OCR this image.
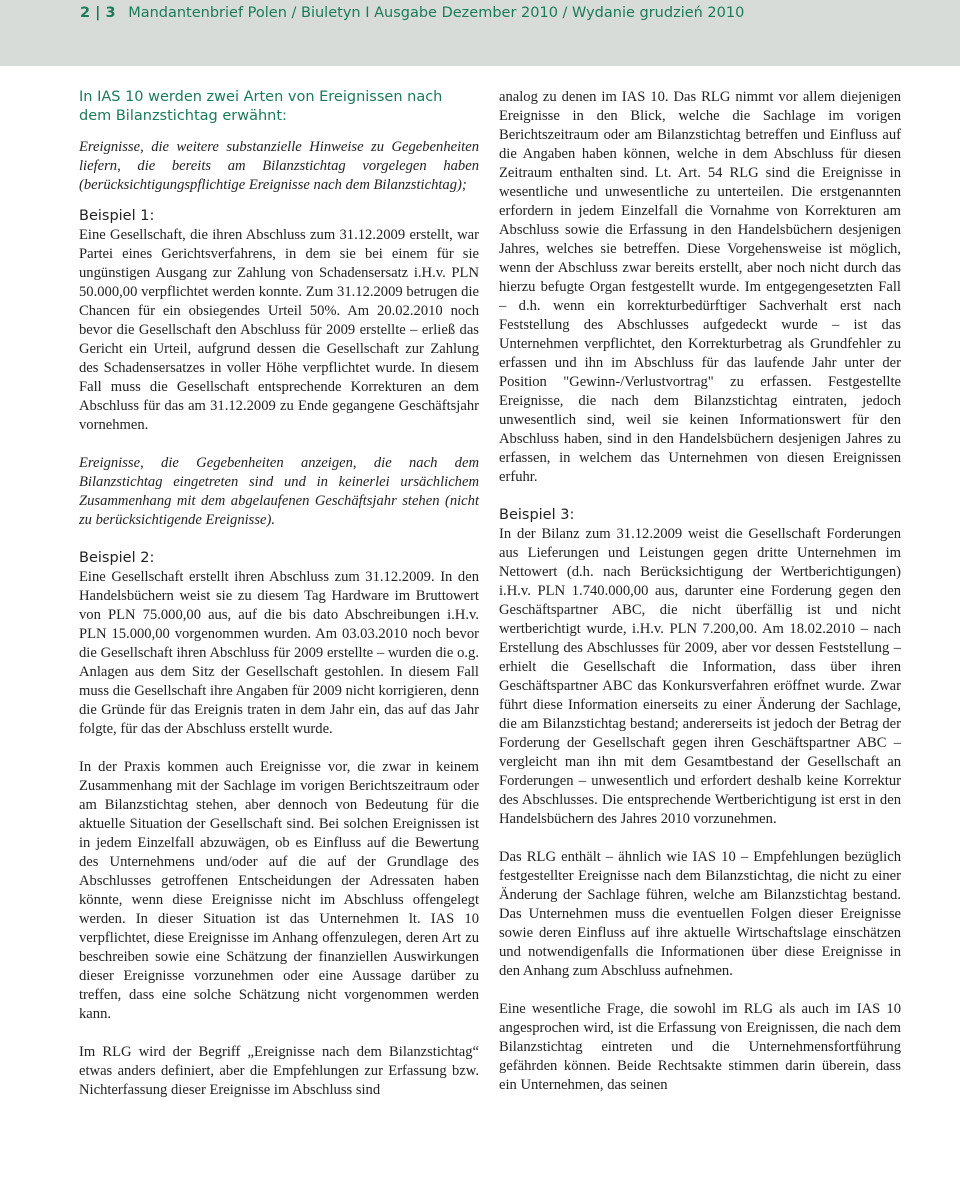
2 | 3 Mandantenbrief Polen / Biuletyn I Ausgabe Dezember 2010 / Wydanie grudzień 2010

In IAS 10 werden zwei Arten von Ereignissen nach dem Bilanzstichtag erwähnt:

Ereignisse, die weitere substanzielle Hinweise zu Gegebenheiten liefern, die bereits am Bilanzstichtag vorgelegen haben (berücksichtigungspflichtige Ereignisse nach dem Bilanzstichtag);

Beispiel 1:

Eine Gesellschaft, die ihren Abschluss zum 31.12.2009 erstellt, war Partei eines Gerichtsverfahrens, in dem sie bei einem für sie ungünstigen Ausgang zur Zahlung von Schadensersatz i.H.v. PLN 50.000,00 verpflichtet werden konnte. Zum 31.12.2009 betrugen die Chancen für ein obsiegendes Urteil 50%. Am 20.02.2010 noch bevor die Gesellschaft den Abschluss für 2009 erstellte – erließ das Gericht ein Urteil, aufgrund dessen die Gesellschaft zur Zahlung des Schadensersatzes in voller Höhe verpflichtet wurde. In diesem Fall muss die Gesellschaft entsprechende Korrekturen an dem Abschluss für das am 31.12.2009 zu Ende gegangene Geschäftsjahr vornehmen.

Ereignisse, die Gegebenheiten anzeigen, die nach dem Bilanzstichtag eingetreten sind und in keinerlei ursächlichem Zusammenhang mit dem abgelaufenen Geschäftsjahr stehen (nicht zu berücksichtigende Ereignisse).

Beispiel 2:

Eine Gesellschaft erstellt ihren Abschluss zum 31.12.2009. In den Handelsbüchern weist sie zu diesem Tag Hardware im Bruttowert von PLN 75.000,00 aus, auf die bis dato Abschreibungen i.H.v. PLN 15.000,00 vorgenommen wurden. Am 03.03.2010 noch bevor die Gesellschaft ihren Abschluss für 2009 erstellte – wurden die o.g. Anlagen aus dem Sitz der Gesellschaft gestohlen. In diesem Fall muss die Gesellschaft ihre Angaben für 2009 nicht korrigieren, denn die Gründe für das Ereignis traten in dem Jahr ein, das auf das Jahr folgte, für das der Abschluss erstellt wurde.

In der Praxis kommen auch Ereignisse vor, die zwar in keinem Zusammenhang mit der Sachlage im vorigen Berichtszeitraum oder am Bilanzstichtag stehen, aber dennoch von Bedeutung für die aktuelle Situation der Gesellschaft sind. Bei solchen Ereignissen ist in jedem Einzelfall abzuwägen, ob es Einfluss auf die Bewertung des Unternehmens und/oder auf die auf der Grundlage des Abschlusses getroffenen Entscheidungen der Adressaten haben könnte, wenn diese Ereignisse nicht im Abschluss offengelegt werden. In dieser Situation ist das Unternehmen lt. IAS 10 verpflichtet, diese Ereignisse im Anhang offenzulegen, deren Art zu beschreiben sowie eine Schätzung der finanziellen Auswirkungen dieser Ereignisse vorzunehmen oder eine Aussage darüber zu treffen, dass eine solche Schätzung nicht vorgenommen werden kann.

Im RLG wird der Begriff „Ereignisse nach dem Bilanzstichtag“ etwas anders definiert, aber die Empfehlungen zur Erfassung bzw. Nichterfassung dieser Ereignisse im Abschluss sind

analog zu denen im IAS 10. Das RLG nimmt vor allem diejenigen Ereignisse in den Blick, welche die Sachlage im vorigen Berichtszeitraum oder am Bilanzstichtag betreffen und Einfluss auf die Angaben haben können, welche in dem Abschluss für diesen Zeitraum enthalten sind. Lt. Art. 54 RLG sind die Ereignisse in wesentliche und unwesentliche zu unterteilen. Die erstgenannten erfordern in jedem Einzelfall die Vornahme von Korrekturen am Abschluss sowie die Erfassung in den Handelsbüchern desjenigen Jahres, welches sie betreffen. Diese Vorgehensweise ist möglich, wenn der Abschluss zwar bereits erstellt, aber noch nicht durch das hierzu befugte Organ festgestellt wurde. Im entgegengesetzten Fall – d.h. wenn ein korrekturbedürftiger Sachverhalt erst nach Feststellung des Abschlusses aufgedeckt wurde – ist das Unternehmen verpflichtet, den Korrekturbetrag als Grundfehler zu erfassen und ihn im Abschluss für das laufende Jahr unter der Position "Gewinn-/Verlustvortrag" zu erfassen. Festgestellte Ereignisse, die nach dem Bilanzstichtag eintraten, jedoch unwesentlich sind, weil sie keinen Informationswert für den Abschluss haben, sind in den Handelsbüchern desjenigen Jahres zu erfassen, in welchem das Unternehmen von diesen Ereignissen erfuhr.

Beispiel 3:

In der Bilanz zum 31.12.2009 weist die Gesellschaft Forderungen aus Lieferungen und Leistungen gegen dritte Unternehmen im Nettowert (d.h. nach Berücksichtigung der Wertberichtigungen) i.H.v. PLN 1.740.000,00 aus, darunter eine Forderung gegen den Geschäftspartner ABC, die nicht überfällig ist und nicht wertberichtigt wurde, i.H.v. PLN 7.200,00. Am 18.02.2010 – nach Erstellung des Abschlusses für 2009, aber vor dessen Feststellung – erhielt die Gesellschaft die Information, dass über ihren Geschäftspartner ABC das Konkursverfahren eröffnet wurde. Zwar führt diese Information einerseits zu einer Änderung der Sachlage, die am Bilanzstichtag bestand; andererseits ist jedoch der Betrag der Forderung der Gesellschaft gegen ihren Geschäftspartner ABC – vergleicht man ihn mit dem Gesamtbestand der Gesellschaft an Forderungen – unwesentlich und erfordert deshalb keine Korrektur des Abschlusses. Die entsprechende Wertberichtigung ist erst in den Handelsbüchern des Jahres 2010 vorzunehmen.

Das RLG enthält – ähnlich wie IAS 10 – Empfehlungen bezüglich festgestellter Ereignisse nach dem Bilanzstichtag, die nicht zu einer Änderung der Sachlage führen, welche am Bilanzstichtag bestand. Das Unternehmen muss die eventuellen Folgen dieser Ereignisse sowie deren Einfluss auf ihre aktuelle Wirtschaftslage einschätzen und notwendigenfalls die Informationen über diese Ereignisse in den Anhang zum Abschluss aufnehmen.

Eine wesentliche Frage, die sowohl im RLG als auch im IAS 10 angesprochen wird, ist die Erfassung von Ereignissen, die nach dem Bilanzstichtag eintreten und die Unternehmensfortführung gefährden können. Beide Rechtsakte stimmen darin überein, dass ein Unternehmen, das seinen
